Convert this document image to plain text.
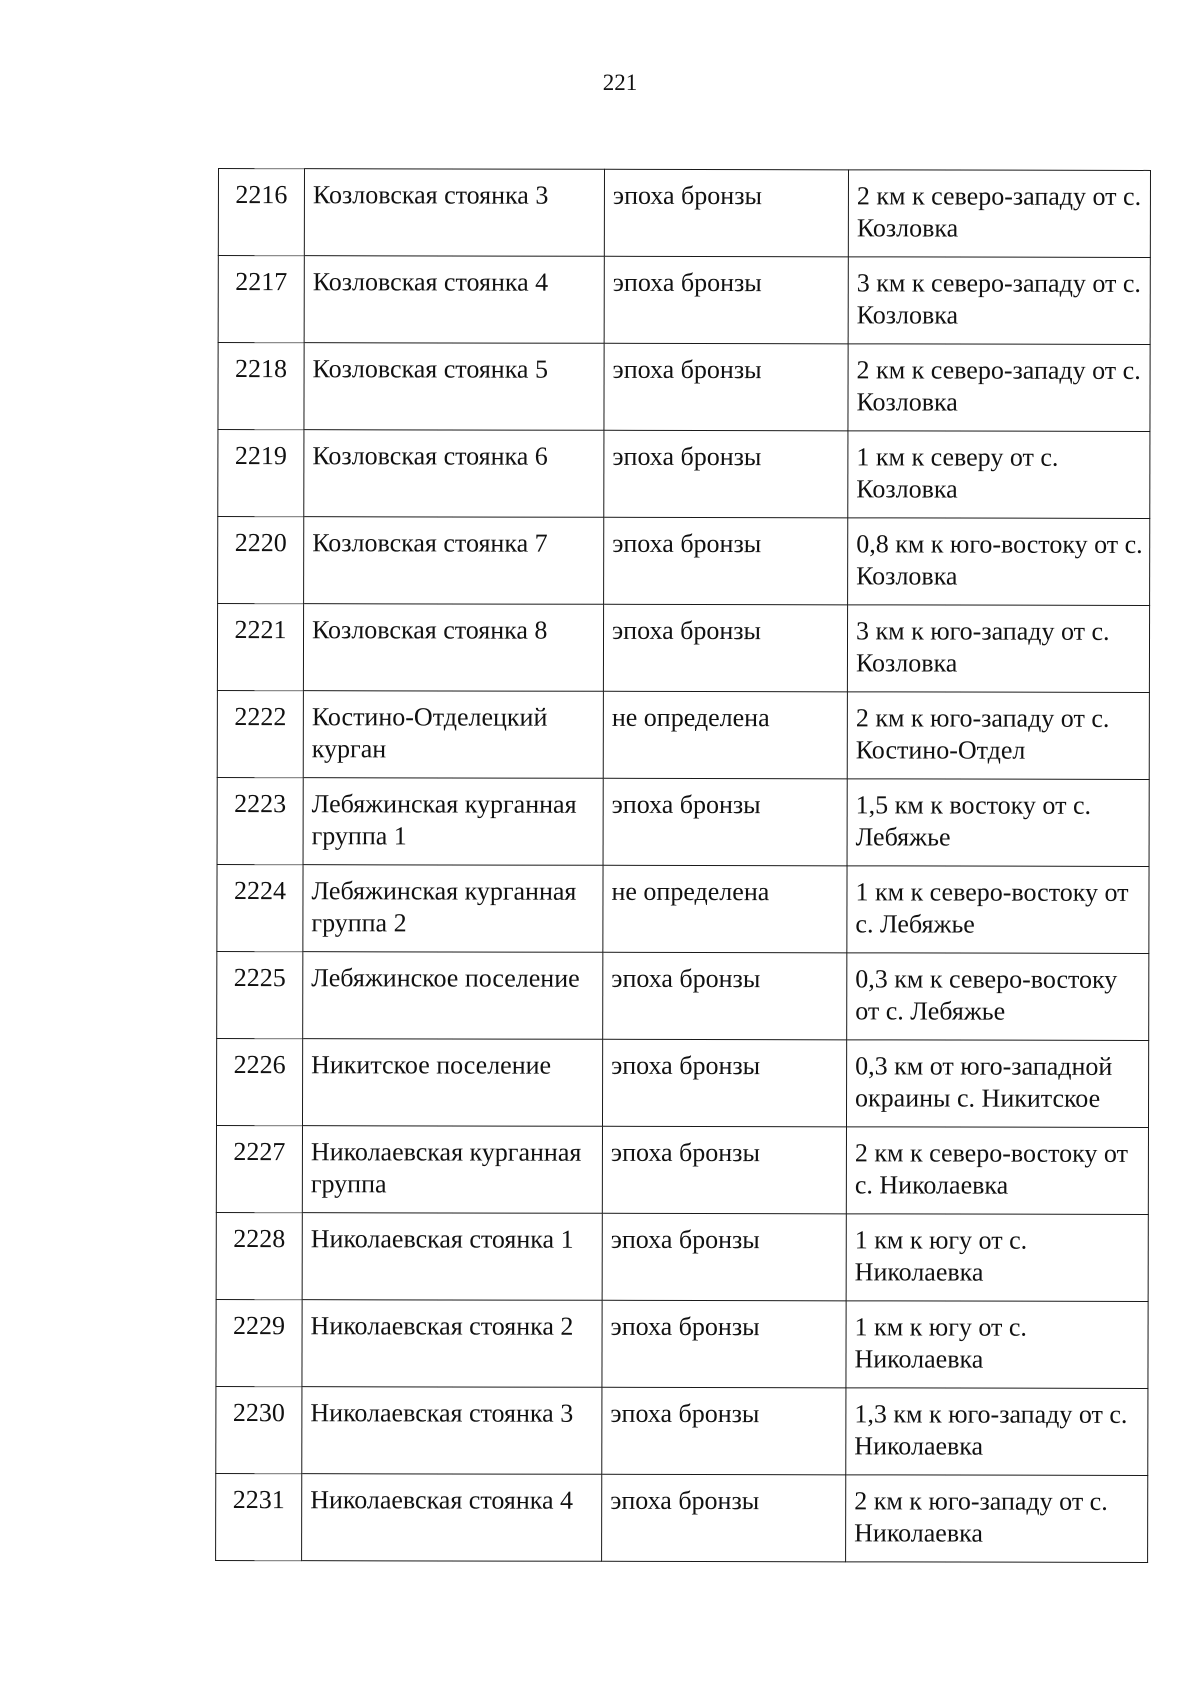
221
2216	Козловская стоянка 3	эпоха бронзы	2 км к северо-западу от с. Козловка
2217	Козловская стоянка 4	эпоха бронзы	3 км к северо-западу от с. Козловка
2218	Козловская стоянка 5	эпоха бронзы	2 км к северо-западу от с. Козловка
2219	Козловская стоянка 6	эпоха бронзы	1 км к северу от с. Козловка
2220	Козловская стоянка 7	эпоха бронзы	0,8 км к юго-востоку от с. Козловка
2221	Козловская стоянка 8	эпоха бронзы	3 км к юго-западу от с. Козловка
2222	Костино-Отделецкий курган	не определена	2 км к юго-западу от с. Костино-Отдел
2223	Лебяжинская курганная группа 1	эпоха бронзы	1,5 км к востоку от с. Лебяжье
2224	Лебяжинская курганная группа 2	не определена	1 км к северо-востоку от с. Лебяжье
2225	Лебяжинское поселение	эпоха бронзы	0,3 км к северо-востоку от с. Лебяжье
2226	Никитское поселение	эпоха бронзы	0,3 км от юго-западной окраины с. Никитское
2227	Николаевская курганная группа	эпоха бронзы	2 км к северо-востоку от с. Николаевка
2228	Николаевская стоянка 1	эпоха бронзы	1 км к югу от с. Николаевка
2229	Николаевская стоянка 2	эпоха бронзы	1 км к югу от с. Николаевка
2230	Николаевская стоянка 3	эпоха бронзы	1,3 км к юго-западу от с. Николаевка
2231	Николаевская стоянка 4	эпоха бронзы	2 км к юго-западу от с. Николаевка
